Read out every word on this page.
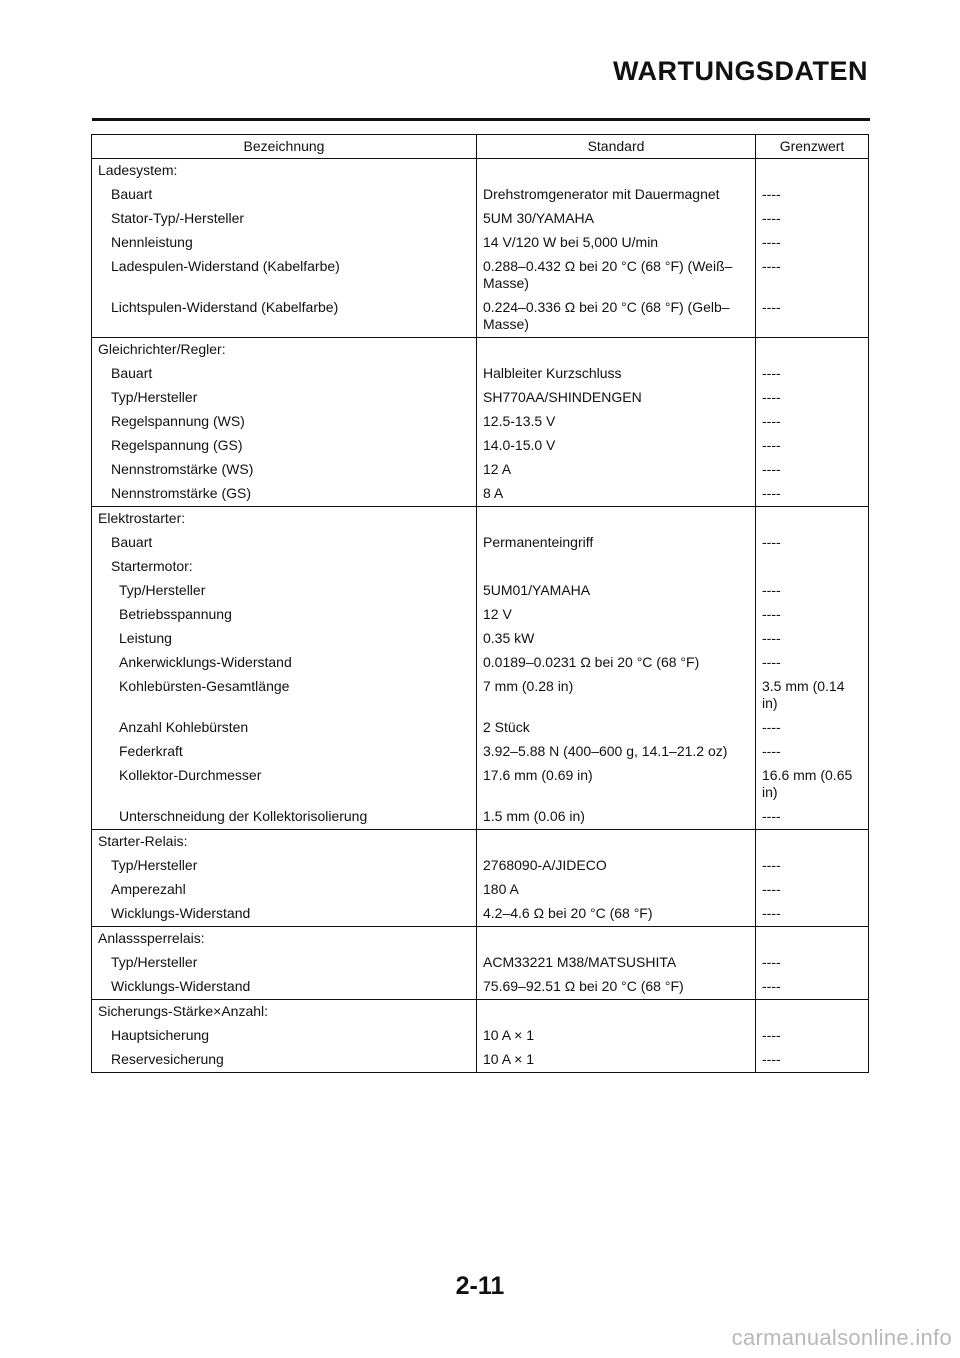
WARTUNGSDATEN
Bezeichnung	Standard	Grenzwert
Ladesystem:		
Bauart	Drehstromgenerator mit Dauermagnet	----
Stator-Typ/-Hersteller	5UM 30/YAMAHA	----
Nennleistung	14 V/120 W bei 5,000 U/min	----
Ladespulen-Widerstand (Kabelfarbe)	0.288–0.432 Ω bei 20 °C (68 °F) (Weiß–Masse)	----
Lichtspulen-Widerstand (Kabelfarbe)	0.224–0.336 Ω bei 20 °C (68 °F) (Gelb–Masse)	----
Gleichrichter/Regler:		
Bauart	Halbleiter Kurzschluss	----
Typ/Hersteller	SH770AA/SHINDENGEN	----
Regelspannung (WS)	12.5-13.5 V	----
Regelspannung (GS)	14.0-15.0 V	----
Nennstromstärke (WS)	12 A	----
Nennstromstärke (GS)	8 A	----
Elektrostarter:		
Bauart	Permanenteingriff	----
Startermotor:		
Typ/Hersteller	5UM01/YAMAHA	----
Betriebsspannung	12 V	----
Leistung	0.35 kW	----
Ankerwicklungs-Widerstand	0.0189–0.0231 Ω bei 20 °C (68 °F)	----
Kohlebürsten-Gesamtlänge	7 mm (0.28 in)	3.5 mm (0.14 in)
Anzahl Kohlebürsten	2 Stück	----
Federkraft	3.92–5.88 N (400–600 g, 14.1–21.2 oz)	----
Kollektor-Durchmesser	17.6 mm (0.69 in)	16.6 mm (0.65 in)
Unterschneidung der Kollektorisolierung	1.5 mm (0.06 in)	----
Starter-Relais:		
Typ/Hersteller	2768090-A/JIDECO	----
Amperezahl	180 A	----
Wicklungs-Widerstand	4.2–4.6 Ω bei 20 °C (68 °F)	----
Anlasssperrelais:		
Typ/Hersteller	ACM33221 M38/MATSUSHITA	----
Wicklungs-Widerstand	75.69–92.51 Ω bei 20 °C (68 °F)	----
Sicherungs-Stärke×Anzahl:		
Hauptsicherung	10 A × 1	----
Reservesicherung	10 A × 1	----
2-11
carmanualsonline.info
